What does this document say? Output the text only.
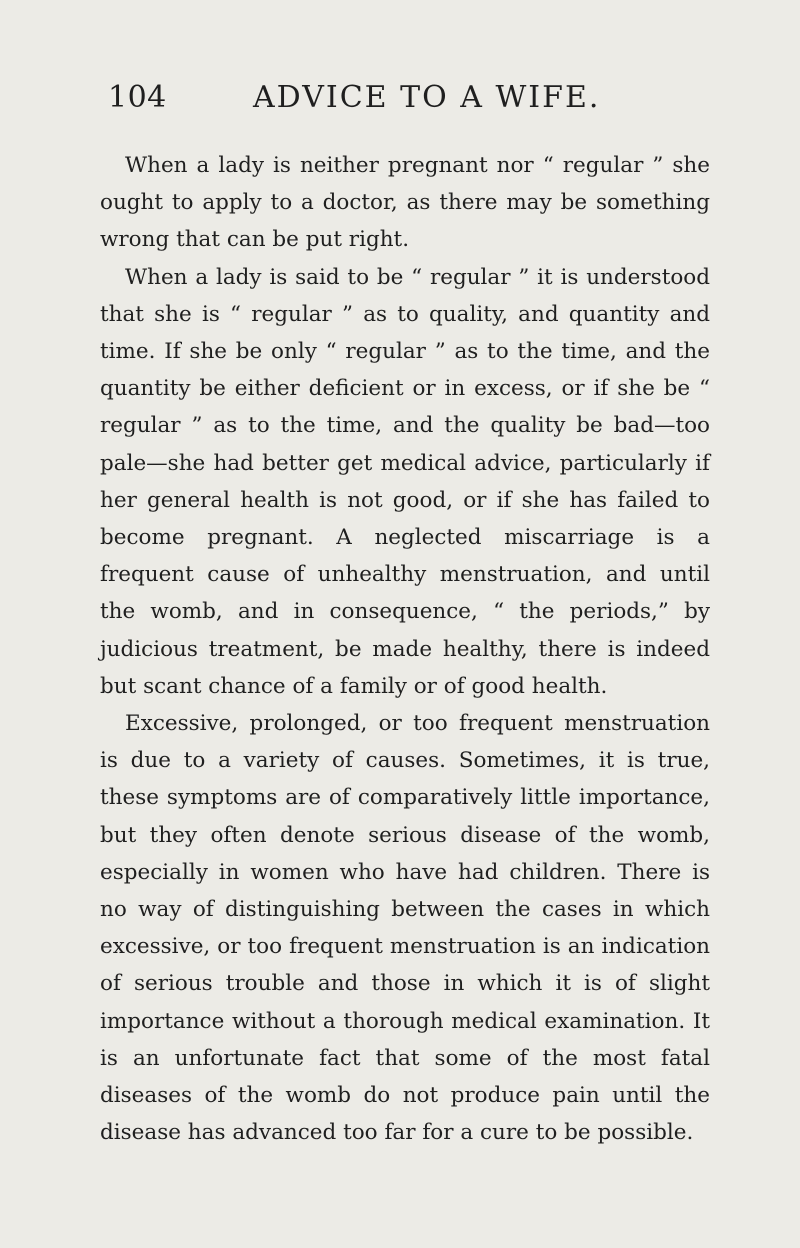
104	ADVICE TO A WIFE.

When a lady is neither pregnant nor “ regular ” she ought to apply to a doctor, as there may be something wrong that can be put right.

When a lady is said to be “ regular ” it is understood that she is “ regular ” as to quality, and quantity and time. If she be only “ regular ” as to the time, and the quantity be either deficient or in excess, or if she be “ regular ” as to the time, and the quality be bad—too pale—she had better get medical advice, particularly if her general health is not good, or if she has failed to become pregnant. A neglected miscarriage is a frequent cause of unhealthy menstruation, and until the womb, and in consequence, “ the periods,” by judicious treatment, be made healthy, there is indeed but scant chance of a family or of good health.

Excessive, prolonged, or too frequent menstruation is due to a variety of causes. Sometimes, it is true, these symptoms are of comparatively little importance, but they often denote serious disease of the womb, especially in women who have had children. There is no way of distinguishing between the cases in which excessive, or too frequent menstruation is an indication of serious trouble and those in which it is of slight importance without a thorough medical examination. It is an unfortunate fact that some of the most fatal diseases of the womb do not produce pain until the disease has advanced too far for a cure to be possible.
